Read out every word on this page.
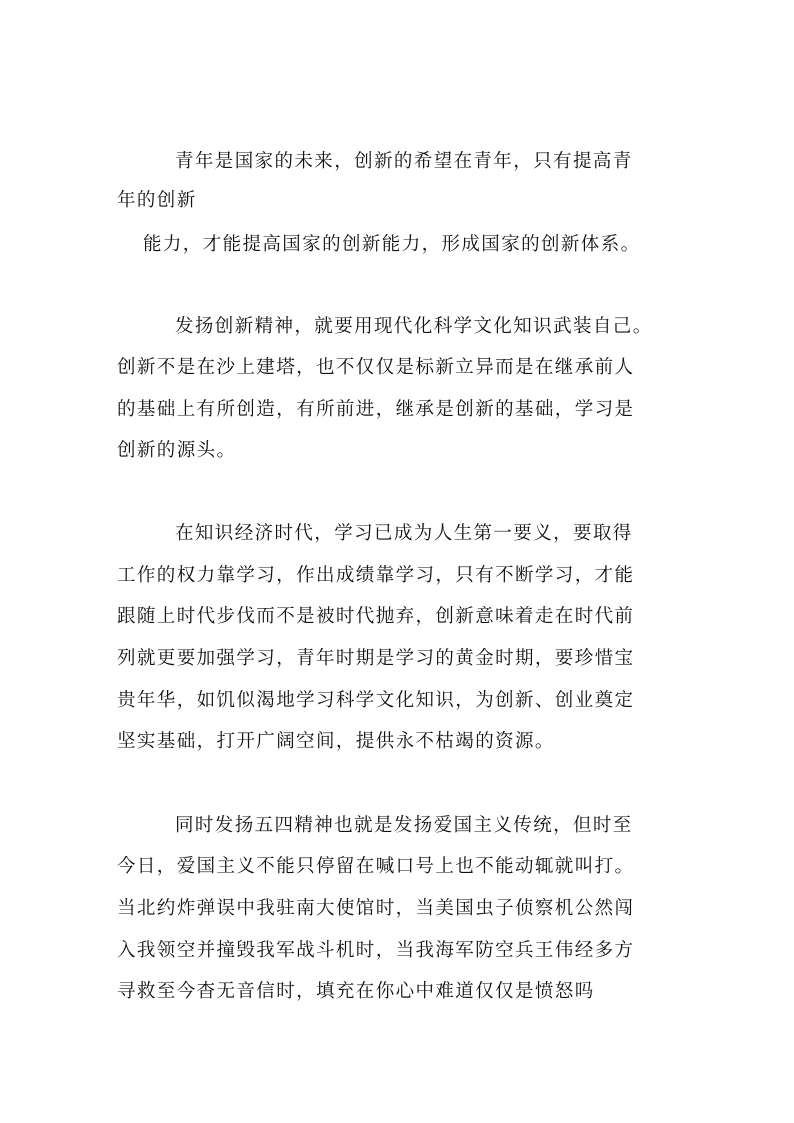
青年是国家的未来，创新的希望在青年，只有提高青
年的创新
能力，才能提高国家的创新能力，形成国家的创新体系。
发扬创新精神，就要用现代化科学文化知识武装自己。
创新不是在沙上建塔，也不仅仅是标新立异而是在继承前人
的基础上有所创造，有所前进，继承是创新的基础，学习是
创新的源头。
在知识经济时代，学习已成为人生第一要义，要取得
工作的权力靠学习，作出成绩靠学习，只有不断学习，才能
跟随上时代步伐而不是被时代抛弃，创新意味着走在时代前
列就更要加强学习，青年时期是学习的黄金时期，要珍惜宝
贵年华，如饥似渴地学习科学文化知识，为创新、创业奠定
坚实基础，打开广阔空间，提供永不枯竭的资源。
同时发扬五四精神也就是发扬爱国主义传统，但时至
今日，爱国主义不能只停留在喊口号上也不能动辄就叫打。
当北约炸弹误中我驻南大使馆时，当美国虫子侦察机公然闯
入我领空并撞毁我军战斗机时，当我海军防空兵王伟经多方
寻救至今杳无音信时，填充在你心中难道仅仅是愤怒吗
